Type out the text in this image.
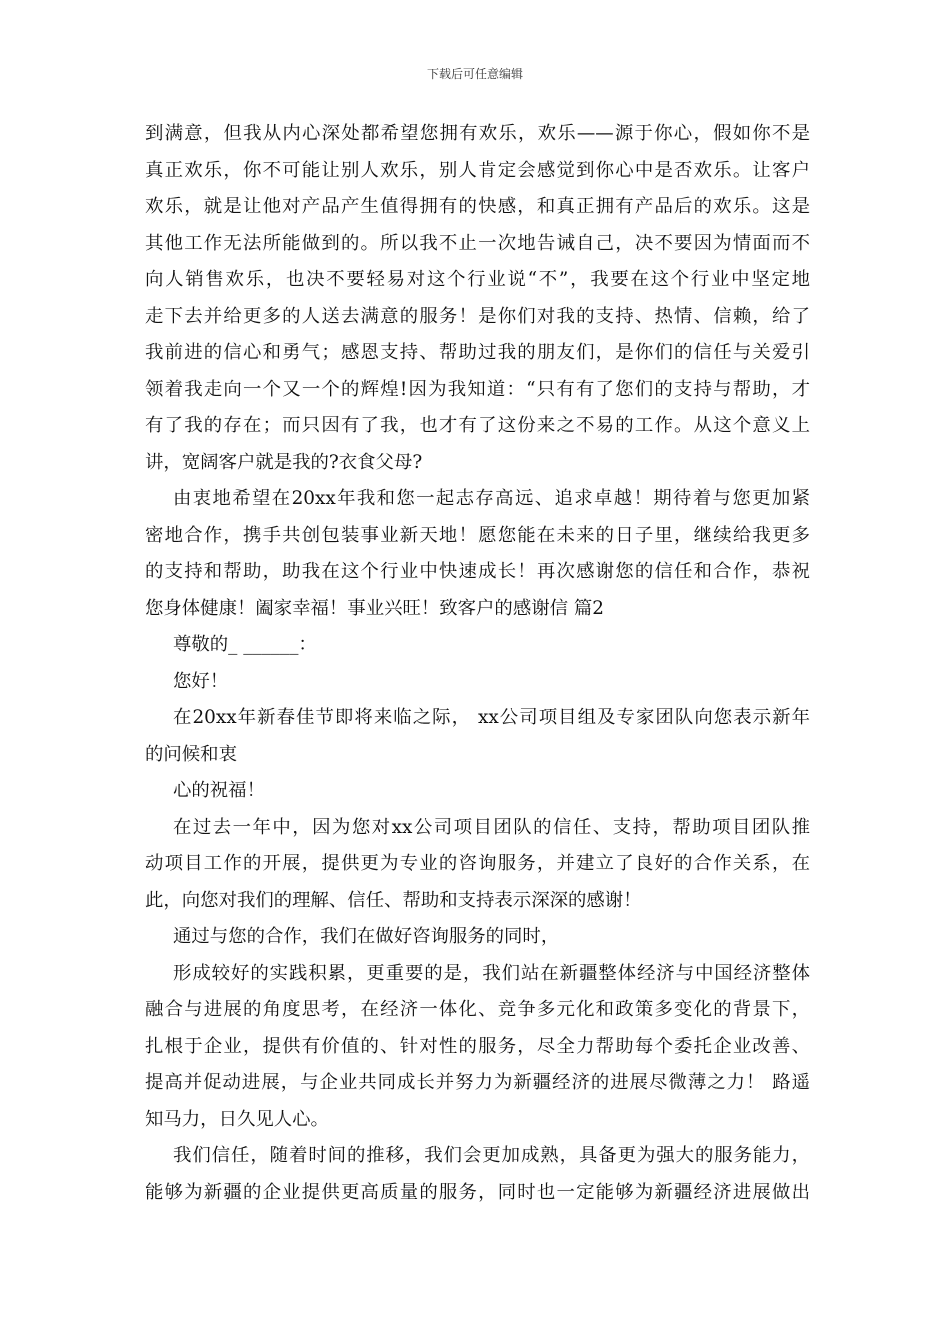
下载后可任意编辑
到满意，但我从内心深处都希望您拥有欢乐，欢乐——源于你心，假如你不是
真正欢乐，你不可能让别人欢乐，别人肯定会感觉到你心中是否欢乐。让客户
欢乐，就是让他对产品产生值得拥有的快感，和真正拥有产品后的欢乐。这是
其他工作无法所能做到的。所以我不止一次地告诫自己，决不要因为情面而不
向人销售欢乐，也决不要轻易对这个行业说“不”，我要在这个行业中坚定地
走下去并给更多的人送去满意的服务！是你们对我的支持、热情、信赖，给了
我前进的信心和勇气；感恩支持、帮助过我的朋友们，是你们的信任与关爱引
领着我走向一个又一个的辉煌!因为我知道：“只有有了您们的支持与帮助，才
有了我的存在；而只因有了我，也才有了这份来之不易的工作。从这个意义上
讲，宽阔客户就是我的?衣食父母?
由衷地希望在20xx年我和您一起志存高远、追求卓越！期待着与您更加紧
密地合作，携手共创包装事业新天地！愿您能在未来的日子里，继续给我更多
的支持和帮助，助我在这个行业中快速成长！再次感谢您的信任和合作，恭祝
您身体健康！阖家幸福！事业兴旺！致客户的感谢信 篇2
尊敬的_ ______：
您好！
在20xx年新春佳节即将来临之际， xx公司项目组及专家团队向您表示新年
的问候和衷
心的祝福！
在过去一年中，因为您对xx公司项目团队的信任、支持，帮助项目团队推
动项目工作的开展，提供更为专业的咨询服务，并建立了良好的合作关系，在
此，向您对我们的理解、信任、帮助和支持表示深深的感谢！
通过与您的合作，我们在做好咨询服务的同时，
形成较好的实践积累，更重要的是，我们站在新疆整体经济与中国经济整体
融合与进展的角度思考，在经济一体化、竞争多元化和政策多变化的背景下，
扎根于企业，提供有价值的、针对性的服务，尽全力帮助每个委托企业改善、
提高并促动进展，与企业共同成长并努力为新疆经济的进展尽微薄之力！ 路遥
知马力，日久见人心。
我们信任，随着时间的推移，我们会更加成熟，具备更为强大的服务能力，
能够为新疆的企业提供更高质量的服务，同时也一定能够为新疆经济进展做出
